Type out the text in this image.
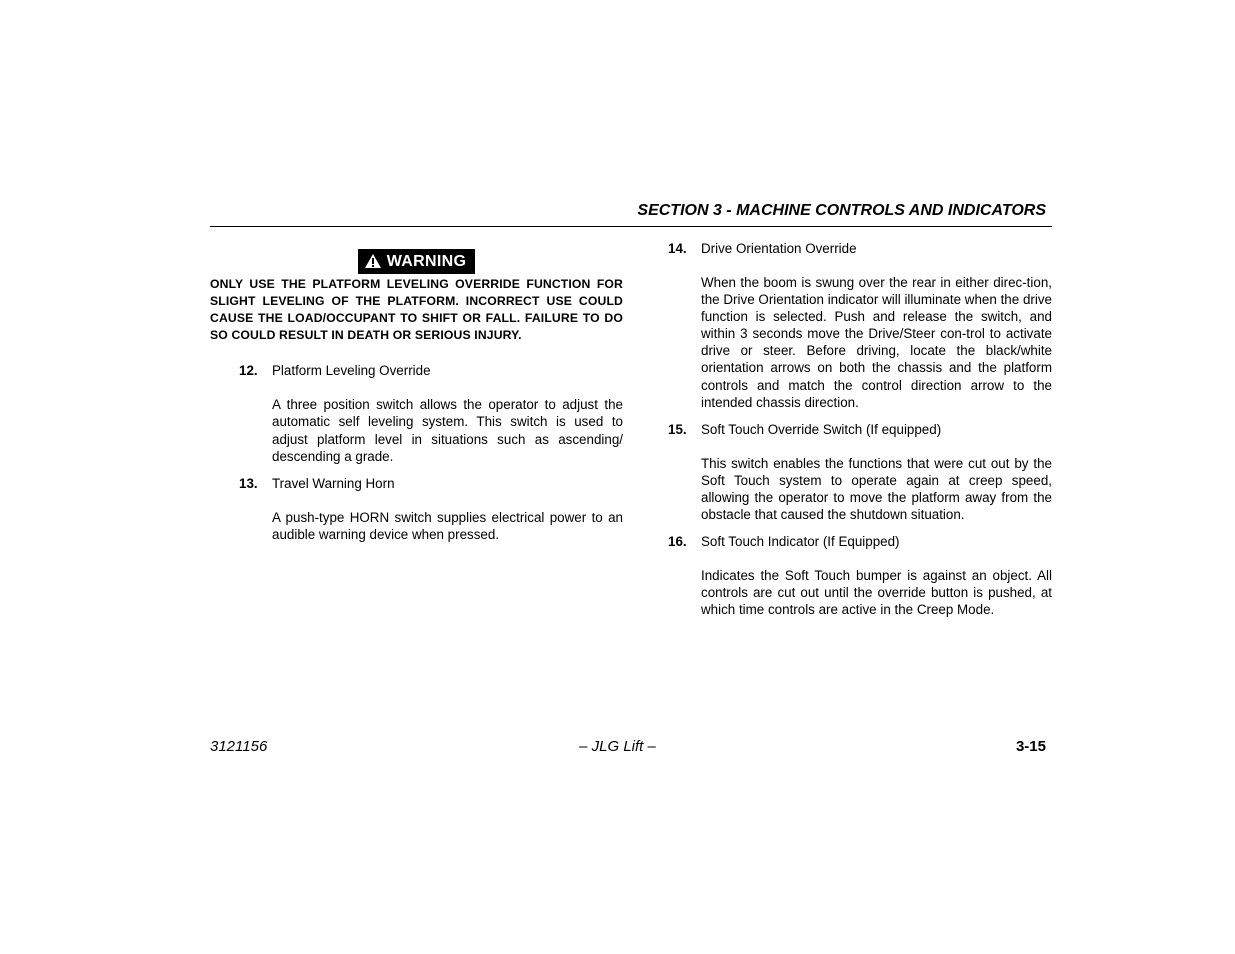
SECTION 3 - MACHINE CONTROLS AND INDICATORS
WARNING
ONLY USE THE PLATFORM LEVELING OVERRIDE FUNCTION FOR SLIGHT LEVELING OF THE PLATFORM. INCORRECT USE COULD CAUSE THE LOAD/OCCUPANT TO SHIFT OR FALL. FAILURE TO DO SO COULD RESULT IN DEATH OR SERIOUS INJURY.
12. Platform Leveling Override
A three position switch allows the operator to adjust the automatic self leveling system. This switch is used to adjust platform level in situations such as ascending/ descending a grade.
13. Travel Warning Horn
A push-type HORN switch supplies electrical power to an audible warning device when pressed.
14. Drive Orientation Override
When the boom is swung over the rear in either direc-tion, the Drive Orientation indicator will illuminate when the drive function is selected. Push and release the switch, and within 3 seconds move the Drive/Steer con-trol to activate drive or steer. Before driving, locate the black/white orientation arrows on both the chassis and the platform controls and match the control direction arrow to the intended chassis direction.
15. Soft Touch Override Switch (If equipped)
This switch enables the functions that were cut out by the Soft Touch system to operate again at creep speed, allowing the operator to move the platform away from the obstacle that caused the shutdown situation.
16. Soft Touch Indicator (If Equipped)
Indicates the Soft Touch bumper is against an object. All controls are cut out until the override button is pushed, at which time controls are active in the Creep Mode.
3121156	– JLG Lift –	3-15
